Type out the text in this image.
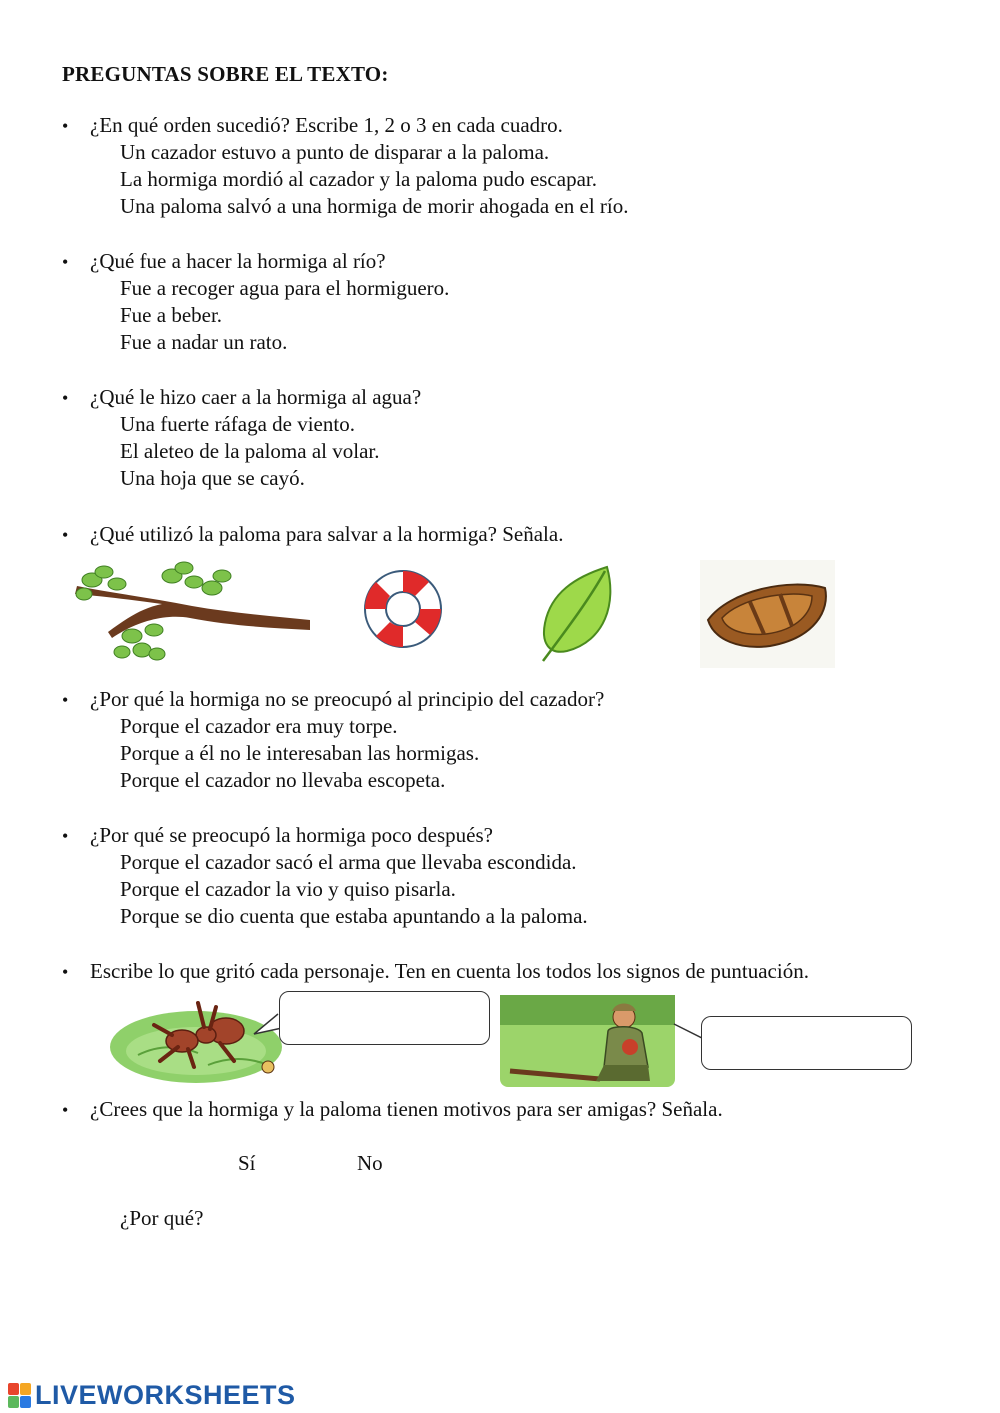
PREGUNTAS SOBRE EL TEXTO:
• ¿En qué orden sucedió? Escribe 1, 2 o 3 en cada cuadro.
Un cazador estuvo a punto de disparar a la paloma.
La hormiga mordió al cazador y la paloma pudo escapar.
Una paloma salvó a una hormiga de morir ahogada en el río.
• ¿Qué fue a hacer la hormiga al río?
Fue a recoger agua para el hormiguero.
Fue a beber.
Fue a nadar un rato.
• ¿Qué le hizo caer a la hormiga al agua?
Una fuerte ráfaga de viento.
El aleteo de la paloma al volar.
Una hoja que se cayó.
• ¿Qué utilizó la paloma para salvar a la hormiga? Señala.
• ¿Por qué la hormiga no se preocupó al principio del cazador?
Porque el cazador era muy torpe.
Porque a él no le interesaban las hormigas.
Porque el cazador no llevaba escopeta.
• ¿Por qué se preocupó la hormiga poco después?
Porque el cazador sacó el arma que llevaba escondida.
Porque el cazador la vio y quiso pisarla.
Porque se dio cuenta que estaba apuntando a la paloma.
• Escribe lo que gritó cada personaje. Ten en cuenta los todos los signos de puntuación.
• ¿Crees que la hormiga y la paloma tienen motivos para ser amigas? Señala.
Sí	No
¿Por qué?
LIVEWORKSHEETS
